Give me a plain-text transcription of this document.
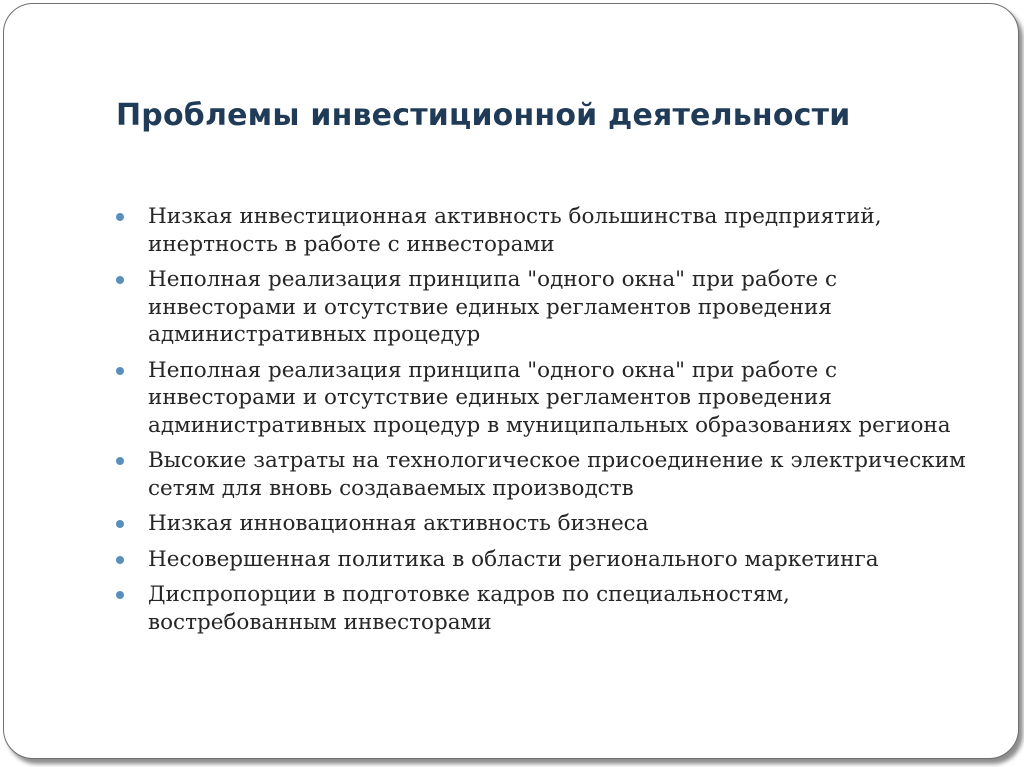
Проблемы инвестиционной деятельности
Низкая инвестиционная активность большинства предприятий, инертность в работе с инвесторами
Неполная реализация принципа "одного окна" при работе с инвесторами и отсутствие единых регламентов проведения административных процедур
Неполная реализация принципа "одного окна" при работе с инвесторами и отсутствие единых регламентов проведения административных процедур в муниципальных образованиях региона
Высокие затраты на технологическое присоединение к электрическим сетям для вновь создаваемых производств
Низкая инновационная активность бизнеса
Несовершенная политика в области регионального маркетинга
Диспропорции в подготовке кадров по специальностям, востребованным инвесторами
